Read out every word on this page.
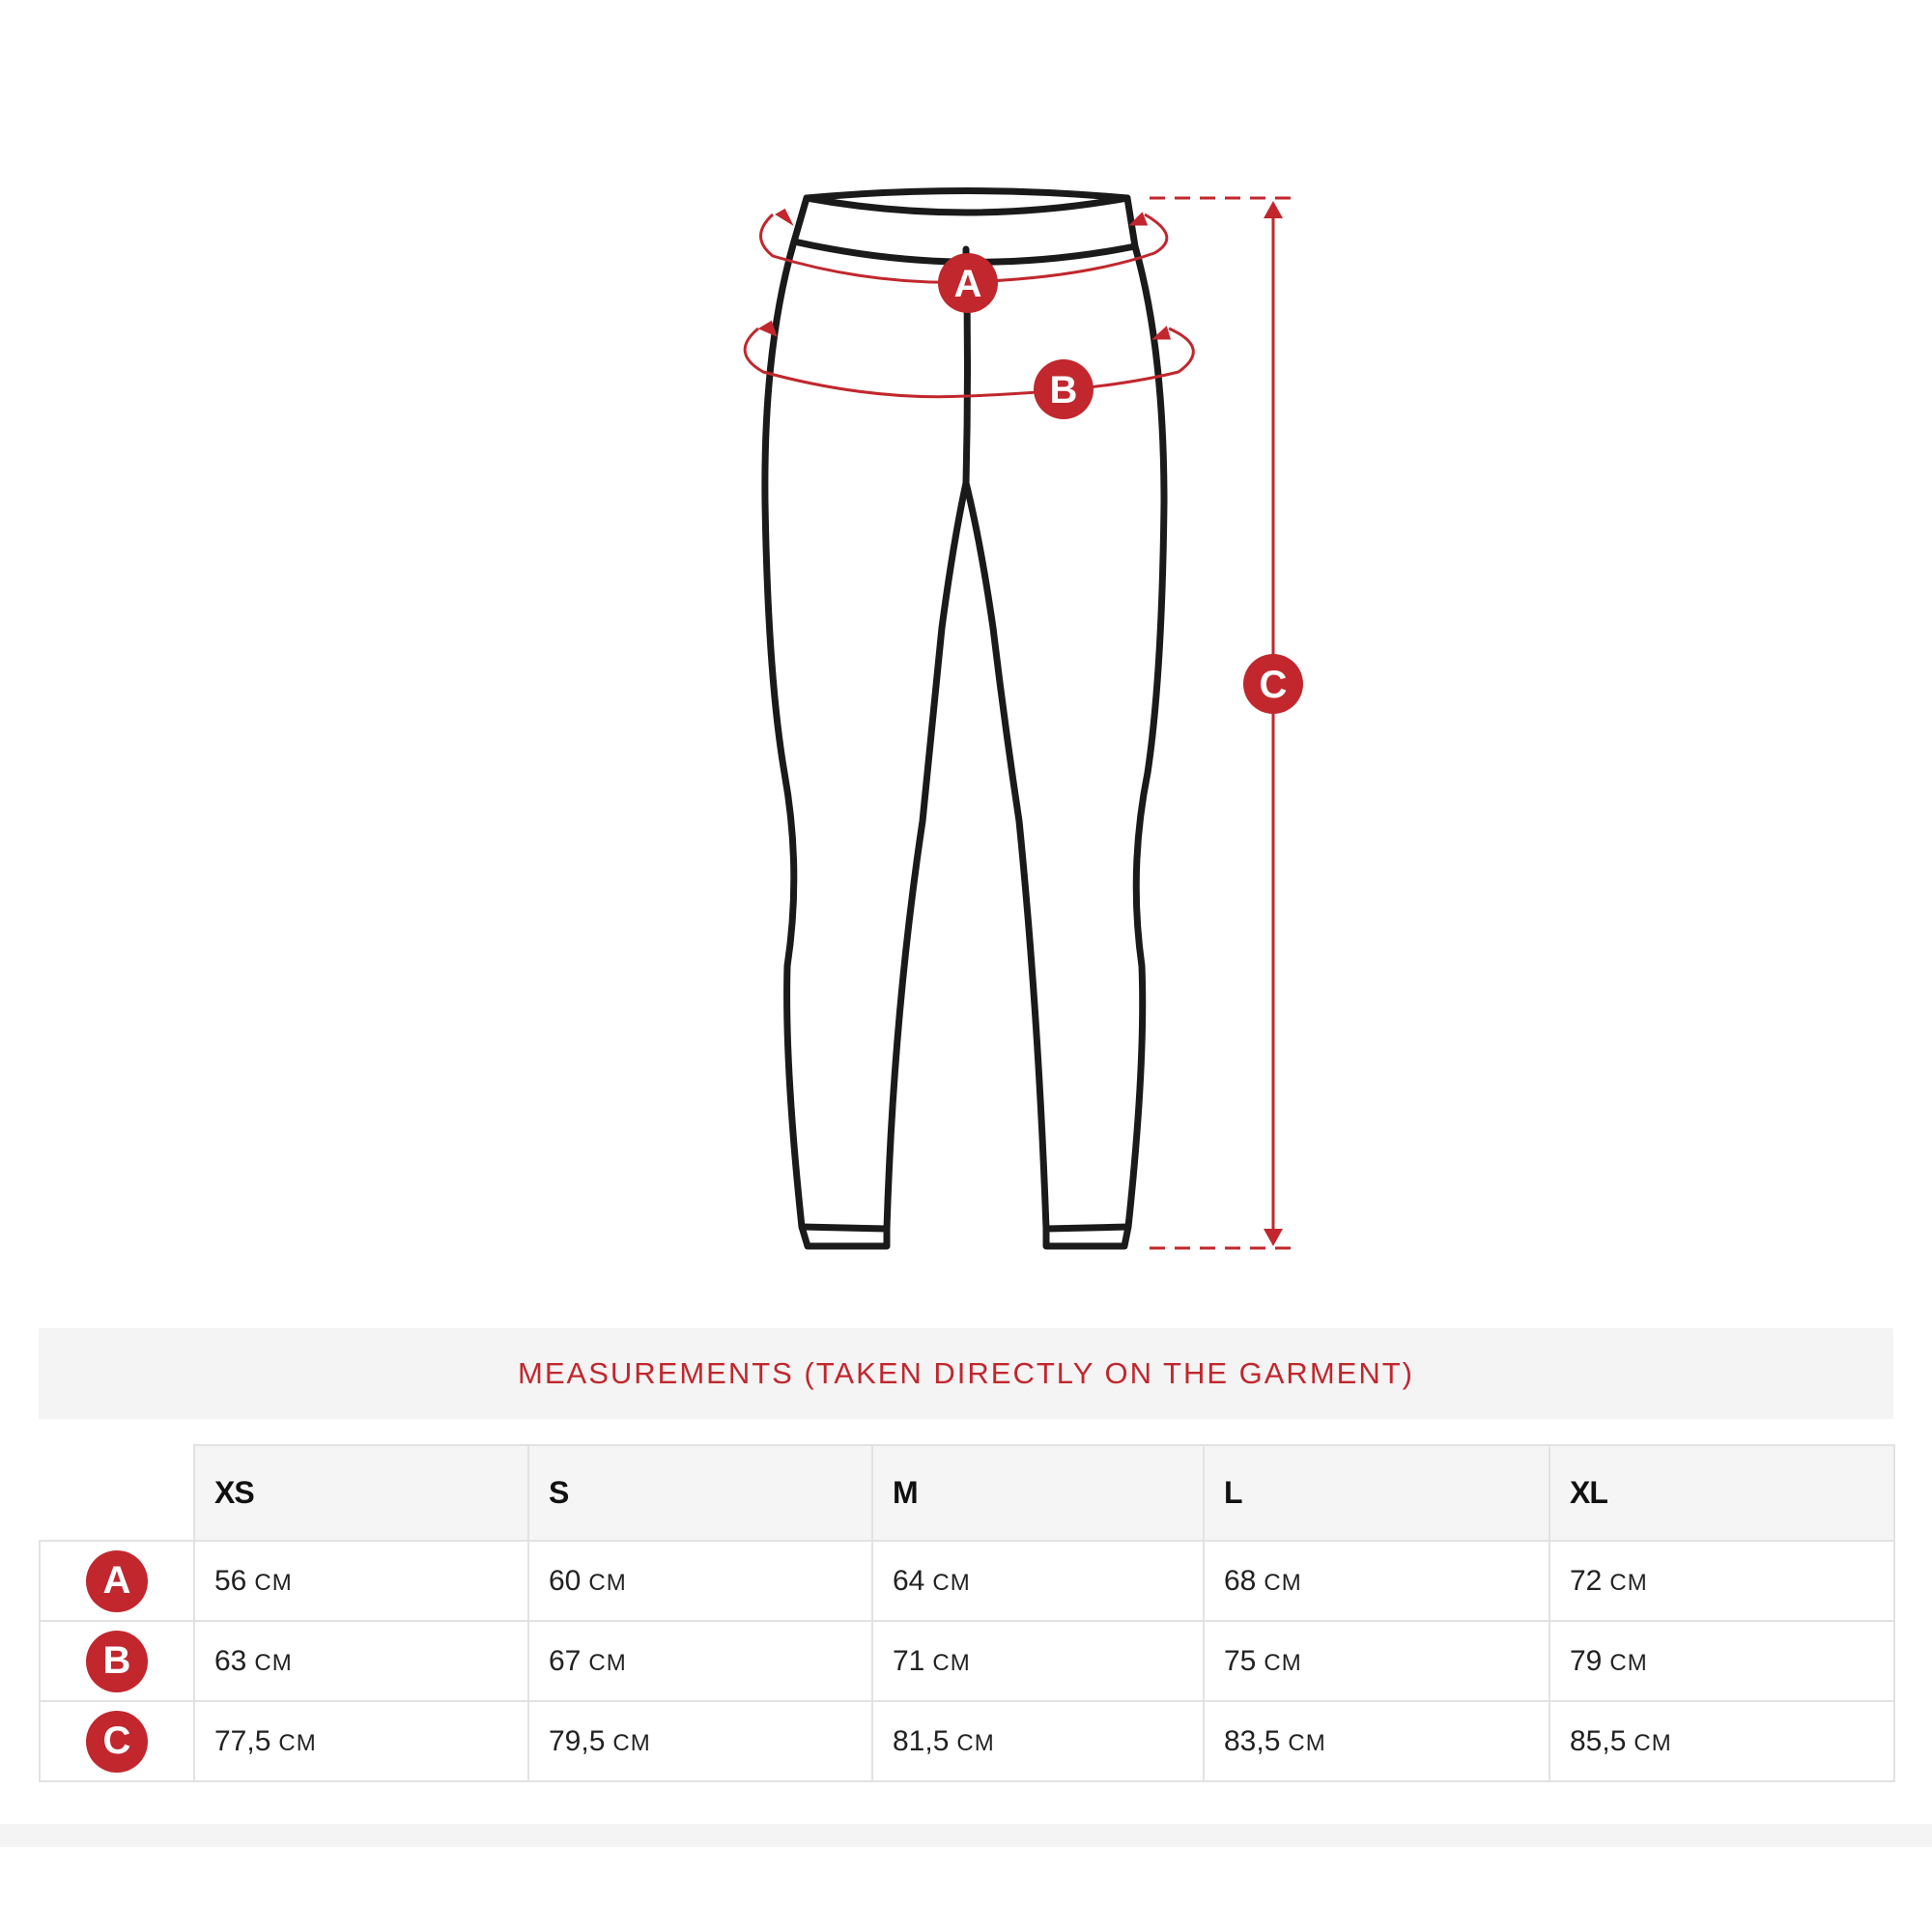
A
B
C
MEASUREMENTS (TAKEN DIRECTLY ON THE GARMENT)
	XS	S	M	L	XL
A	56 CM	60 CM	64 CM	68 CM	72 CM
B	63 CM	67 CM	71 CM	75 CM	79 CM
C	77,5 CM	79,5 CM	81,5 CM	83,5 CM	85,5 CM
